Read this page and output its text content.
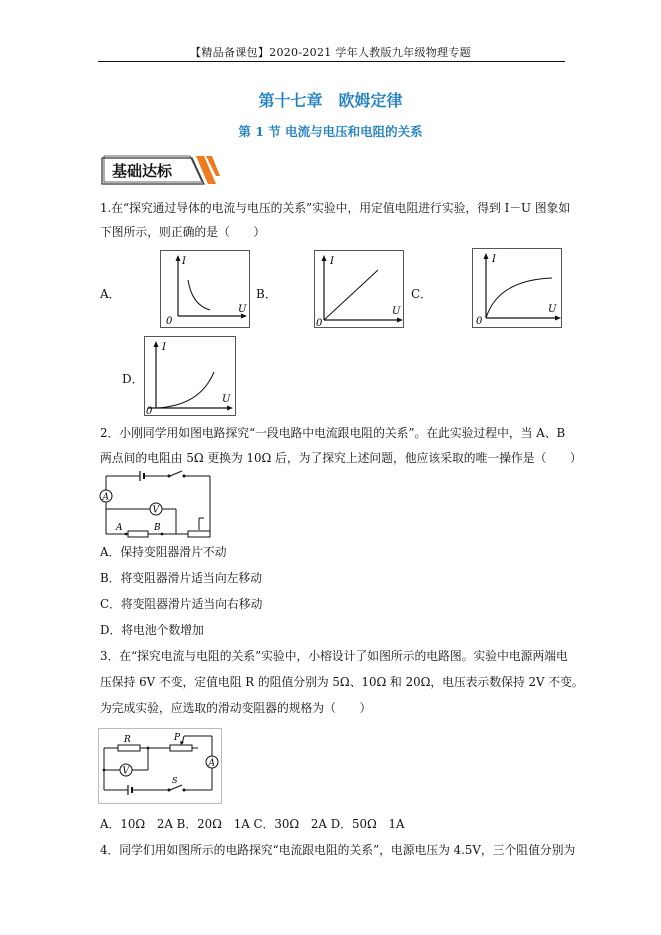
【精品备课包】2020-2021 学年人教版九年级物理专题
第十七章　欧姆定律
第 1 节 电流与电压和电阻的关系
基础达标
1.在“探究通过导体的电流与电压的关系”实验中，用定值电阻进行实验，得到 I－U 图象如
下图所示，则正确的是（　　）
A．
I
U
0
B．
I
U
0
C．
I
U
0
D．
I
U
0
2．小刚同学用如图电路探究“一段电路中电流跟电阻的关系”。在此实验过程中，当 A、B
两点间的电阻由 5Ω 更换为 10Ω 后，为了探究上述问题，他应该采取的唯一操作是（　　）
A
V
A	B
A．保持变阻器滑片不动
B．将变阻器滑片适当向左移动
C．将变阻器滑片适当向右移动
D．将电池个数增加
3．在“探究电流与电阻的关系”实验中，小榕设计了如图所示的电路图。实验中电源两端电
压保持 6V 不变，定值电阻 R 的阻值分别为 5Ω、10Ω 和 20Ω，电压表示数保持 2V 不变。
为完成实验，应选取的滑动变阻器的规格为（　　）
R	P
A
V
S
A．10Ω　2A B．20Ω　1A C．30Ω　2A D．50Ω　1A
4．同学们用如图所示的电路探究“电流跟电阻的关系”，电源电压为 4.5V，三个阻值分别为
